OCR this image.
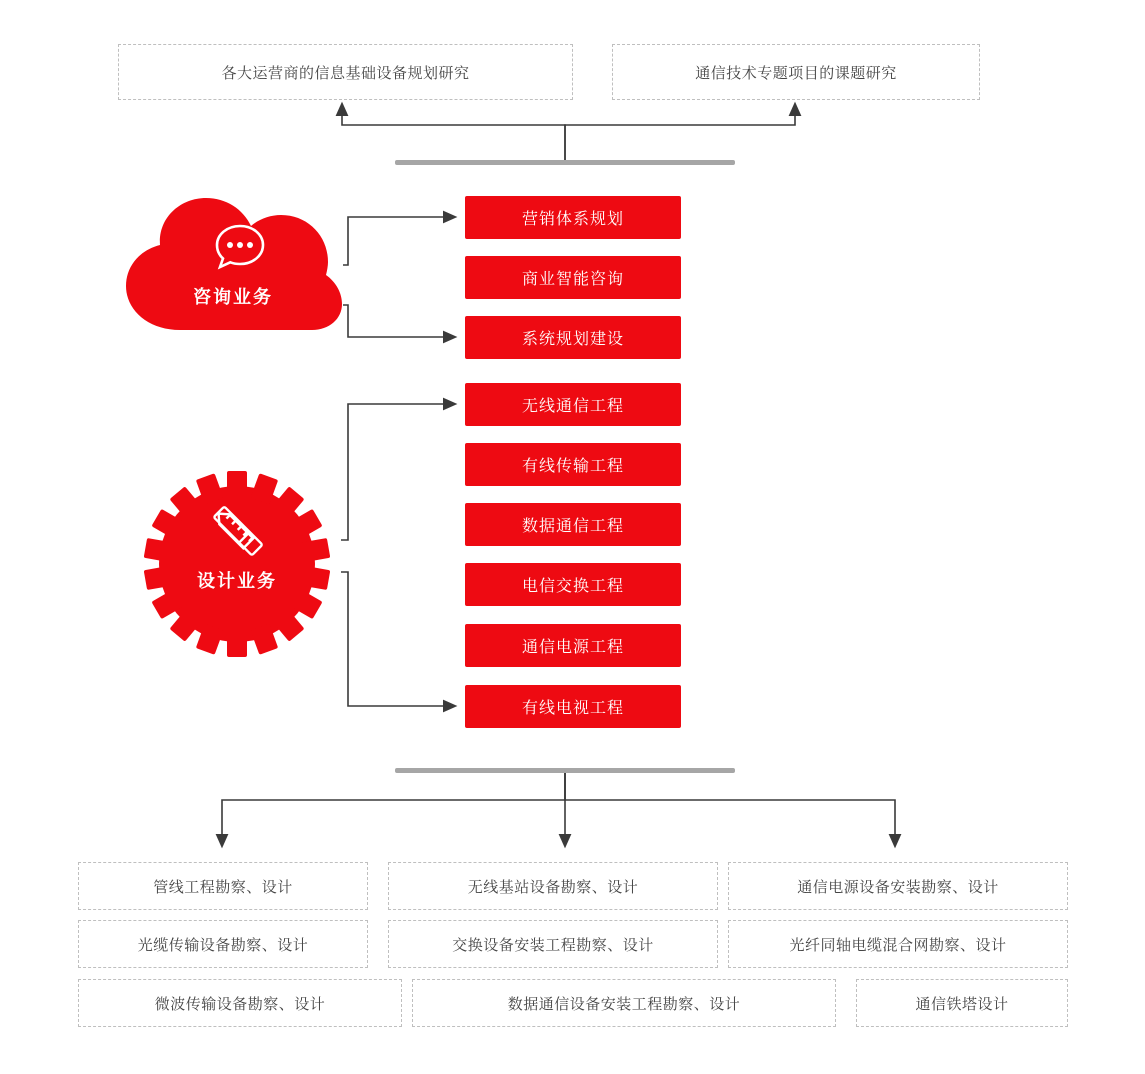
各大运营商的信息基础设备规划研究	通信技术专题项目的课题研究
咨询业务
设计业务
营销体系规划
商业智能咨询
系统规划建设
无线通信工程
有线传输工程
数据通信工程
电信交换工程
通信电源工程
有线电视工程
管线工程勘察、设计	无线基站设备勘察、设计	通信电源设备安装勘察、设计
光缆传输设备勘察、设计	交换设备安装工程勘察、设计	光纤同轴电缆混合网勘察、设计
微波传输设备勘察、设计	数据通信设备安装工程勘察、设计	通信铁塔设计
